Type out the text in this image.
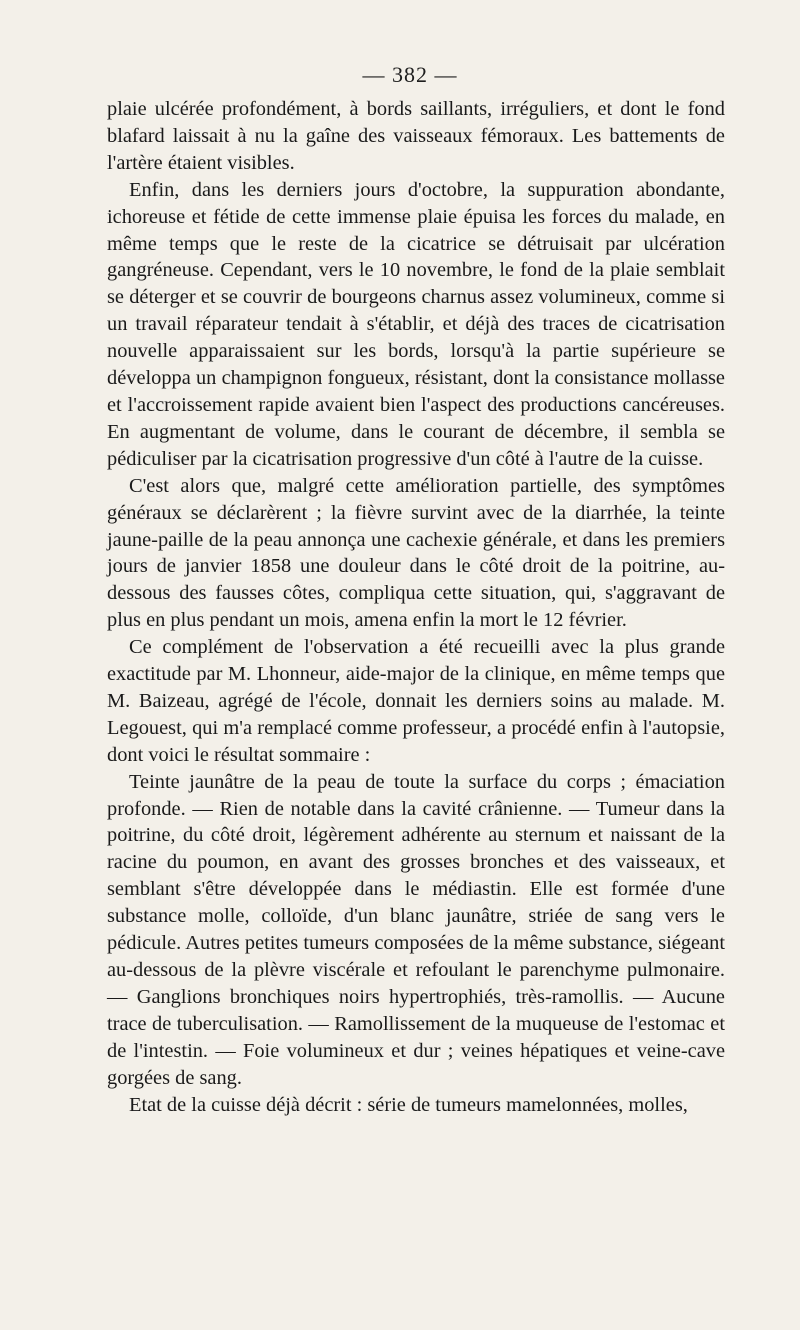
— 382 —

plaie ulcérée profondément, à bords saillants, irréguliers, et dont le fond blafard laissait à nu la gaîne des vaisseaux fémoraux. Les battements de l'artère étaient visibles.

Enfin, dans les derniers jours d'octobre, la suppuration abondante, ichoreuse et fétide de cette immense plaie épuisa les forces du malade, en même temps que le reste de la cicatrice se détruisait par ulcération gangréneuse. Cependant, vers le 10 novembre, le fond de la plaie semblait se déterger et se couvrir de bourgeons charnus assez volumineux, comme si un travail réparateur tendait à s'établir, et déjà des traces de cicatrisation nouvelle apparaissaient sur les bords, lorsqu'à la partie supérieure se développa un champignon fongueux, résistant, dont la consistance mollasse et l'accroissement rapide avaient bien l'aspect des productions cancéreuses. En augmentant de volume, dans le courant de décembre, il sembla se pédiculiser par la cicatrisation progressive d'un côté à l'autre de la cuisse.

C'est alors que, malgré cette amélioration partielle, des symptômes généraux se déclarèrent ; la fièvre survint avec de la diarrhée, la teinte jaune-paille de la peau annonça une cachexie générale, et dans les premiers jours de janvier 1858 une douleur dans le côté droit de la poitrine, au-dessous des fausses côtes, compliqua cette situation, qui, s'aggravant de plus en plus pendant un mois, amena enfin la mort le 12 février.

Ce complément de l'observation a été recueilli avec la plus grande exactitude par M. Lhonneur, aide-major de la clinique, en même temps que M. Baizeau, agrégé de l'école, donnait les derniers soins au malade. M. Legouest, qui m'a remplacé comme professeur, a procédé enfin à l'autopsie, dont voici le résultat sommaire :

Teinte jaunâtre de la peau de toute la surface du corps ; émaciation profonde. — Rien de notable dans la cavité crânienne. — Tumeur dans la poitrine, du côté droit, légèrement adhérente au sternum et naissant de la racine du poumon, en avant des grosses bronches et des vaisseaux, et semblant s'être développée dans le médiastin. Elle est formée d'une substance molle, colloïde, d'un blanc jaunâtre, striée de sang vers le pédicule. Autres petites tumeurs composées de la même substance, siégeant au-dessous de la plèvre viscérale et refoulant le parenchyme pulmonaire. — Ganglions bronchiques noirs hypertrophiés, très-ramollis. — Aucune trace de tuberculisation. — Ramollissement de la muqueuse de l'estomac et de l'intestin. — Foie volumineux et dur ; veines hépatiques et veine-cave gorgées de sang.

Etat de la cuisse déjà décrit : série de tumeurs mamelonnées, molles,
